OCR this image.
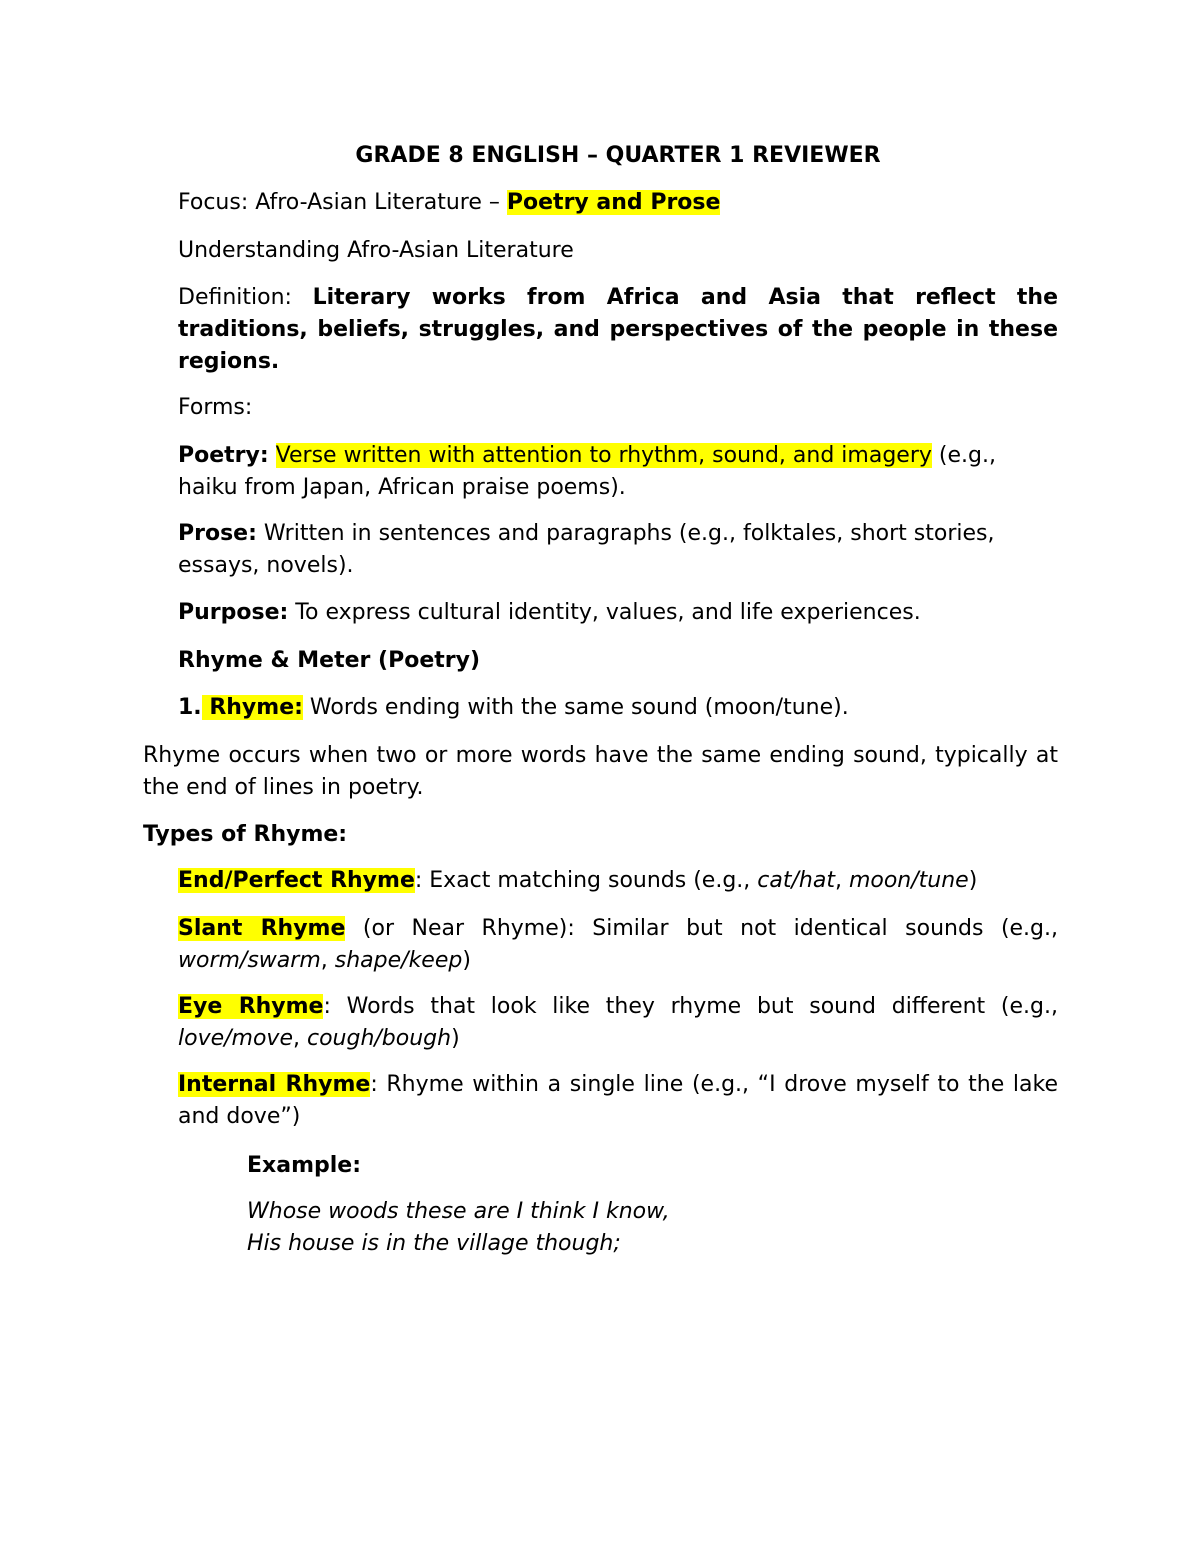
GRADE 8 ENGLISH – QUARTER 1 REVIEWER

Focus: Afro-Asian Literature – Poetry and Prose

Understanding Afro-Asian Literature

Definition: Literary works from Africa and Asia that reflect the traditions, beliefs, struggles, and perspectives of the people in these regions.

Forms:

Poetry: Verse written with attention to rhythm, sound, and imagery (e.g., haiku from Japan, African praise poems).

Prose: Written in sentences and paragraphs (e.g., folktales, short stories, essays, novels).

Purpose: To express cultural identity, values, and life experiences.

Rhyme & Meter (Poetry)

1. Rhyme: Words ending with the same sound (moon/tune).

Rhyme occurs when two or more words have the same ending sound, typically at the end of lines in poetry.

Types of Rhyme:

End/Perfect Rhyme: Exact matching sounds (e.g., cat/hat, moon/tune)

Slant Rhyme (or Near Rhyme): Similar but not identical sounds (e.g., worm/swarm, shape/keep)

Eye Rhyme: Words that look like they rhyme but sound different (e.g., love/move, cough/bough)

Internal Rhyme: Rhyme within a single line (e.g., “I drove myself to the lake and dove”)

Example:

Whose woods these are I think I know,

His house is in the village though;
